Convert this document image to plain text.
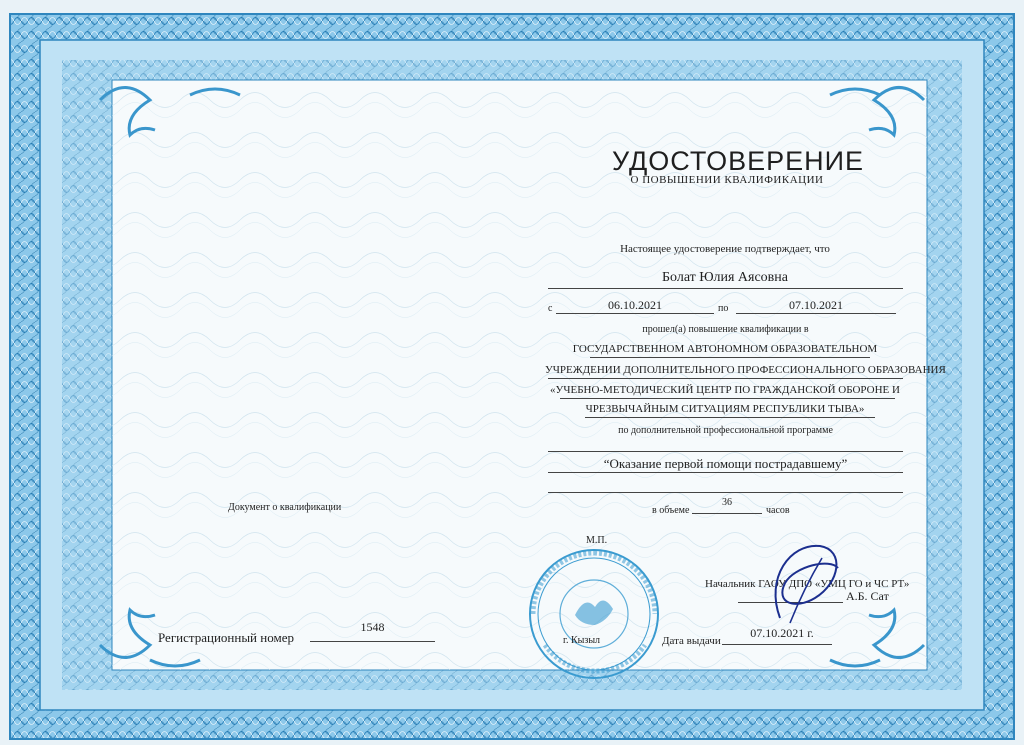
УДОСТОВЕРЕНИЕ
О ПОВЫШЕНИИ КВАЛИФИКАЦИИ
Настоящее удостоверение подтверждает, что
Болат Юлия Аясовна
с	06.10.2021	по	07.10.2021
прошел(а) повышение квалификации в
ГОСУДАРСТВЕННОМ АВТОНОМНОМ ОБРАЗОВАТЕЛЬНОМ
УЧРЕЖДЕНИИ ДОПОЛНИТЕЛЬНОГО ПРОФЕССИОНАЛЬНОГО ОБРАЗОВАНИЯ
«УЧЕБНО-МЕТОДИЧЕСКИЙ ЦЕНТР ПО ГРАЖДАНСКОЙ ОБОРОНЕ И
ЧРЕЗВЫЧАЙНЫМ СИТУАЦИЯМ РЕСПУБЛИКИ ТЫВА»
по дополнительной профессиональной программе
“Оказание первой помощи пострадавшему”
в объеме
36
часов
Документ о квалификации
М.П.
г. Кызыл
Начальник ГАОУ ДПО «УМЦ ГО и ЧС РТ»
А.Б. Сат
Регистрационный номер
1548
Дата выдачи
07.10.2021 г.
